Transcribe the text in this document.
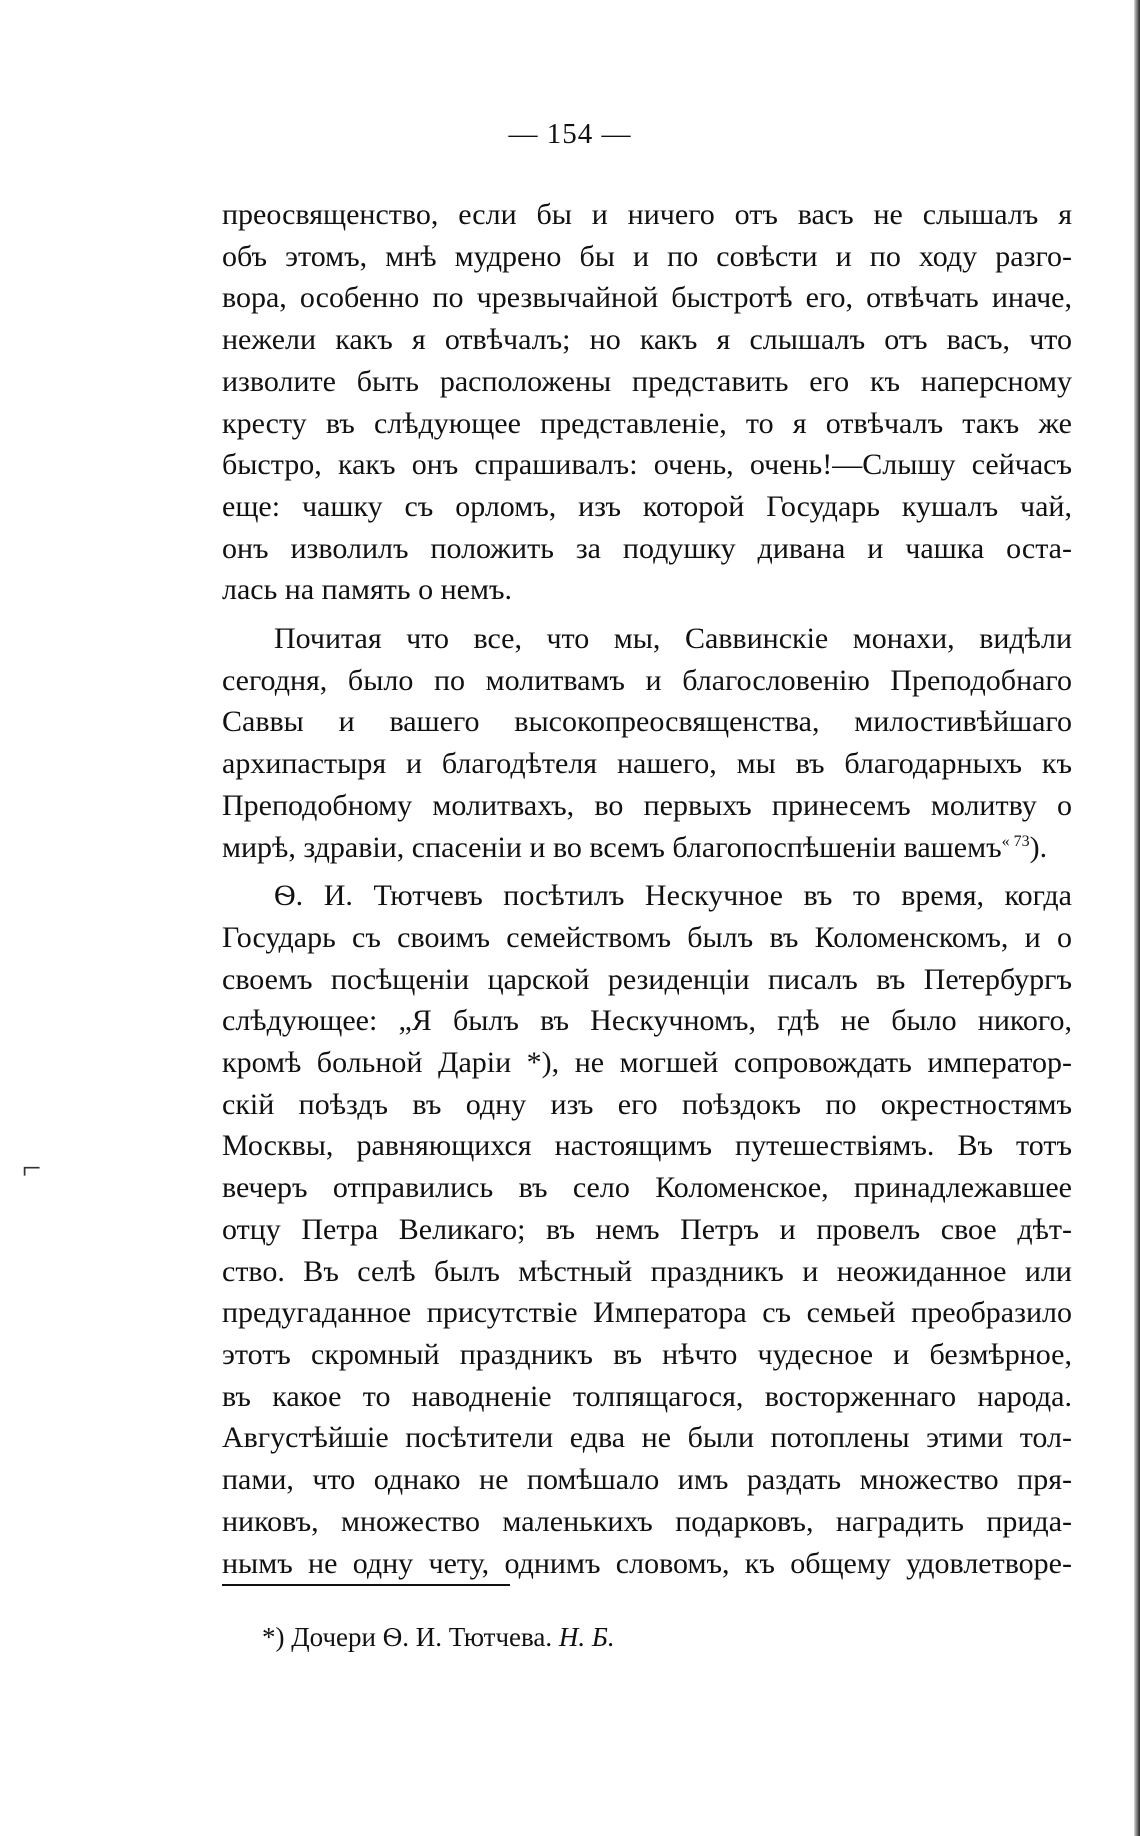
— 154 —
преосвященство, если бы и ничего отъ васъ не слышалъ я
объ этомъ, мнѣ мудрено бы и по совѣсти и по ходу разго-
вора, особенно по чрезвычайной быстротѣ его, отвѣчать иначе,
нежели какъ я отвѣчалъ; но какъ я слышалъ отъ васъ, что
изволите быть расположены представить его къ наперсному
кресту въ слѣдующее представленіе, то я отвѣчалъ такъ же
быстро, какъ онъ спрашивалъ: очень, очень!—Слышу сейчасъ
еще: чашку съ орломъ, изъ которой Государь кушалъ чай,
онъ изволилъ положить за подушку дивана и чашка оста-
лась на память о немъ.
Почитая что все, что мы, Саввинскіе монахи, видѣли
сегодня, было по молитвамъ и благословенію Преподобнаго
Саввы и вашего высокопреосвященства, милостивѣйшаго
архипастыря и благодѣтеля нашего, мы въ благодарныхъ къ
Преподобному молитвахъ, во первыхъ принесемъ молитву о
мирѣ, здравіи, спасеніи и во всемъ благопоспѣшеніи вашемъ$^{« 73}$).
Ѳ. И. Тютчевъ посѣтилъ Нескучное въ то время, когда
Государь съ своимъ семействомъ былъ въ Коломенскомъ, и о
своемъ посѣщеніи царской резиденціи писалъ въ Петербургъ
слѣдующее: „Я былъ въ Нескучномъ, гдѣ не было никого,
кромѣ больной Даріи *), не могшей сопровождать император-
скій поѣздъ въ одну изъ его поѣздокъ по окрестностямъ
Москвы, равняющихся настоящимъ путешествіямъ. Въ тотъ
вечеръ отправились въ село Коломенское, принадлежавшее
отцу Петра Великаго; въ немъ Петръ и провелъ свое дѣт-
ство. Въ селѣ былъ мѣстный праздникъ и неожиданное или
предугаданное присутствіе Императора съ семьей преобразило
этотъ скромный праздникъ въ нѣчто чудесное и безмѣрное,
въ какое то наводненіе толпящагося, восторженнаго народа.
Августѣйшіе посѣтители едва не были потоплены этими тол-
пами, что однако не помѣшало имъ раздать множество пря-
никовъ, множество маленькихъ подарковъ, наградить прида-
нымъ не одну чету, однимъ словомъ, къ общему удовлетворе-
*) Дочери Ѳ. И. Тютчева. Н. Б.
⌐
